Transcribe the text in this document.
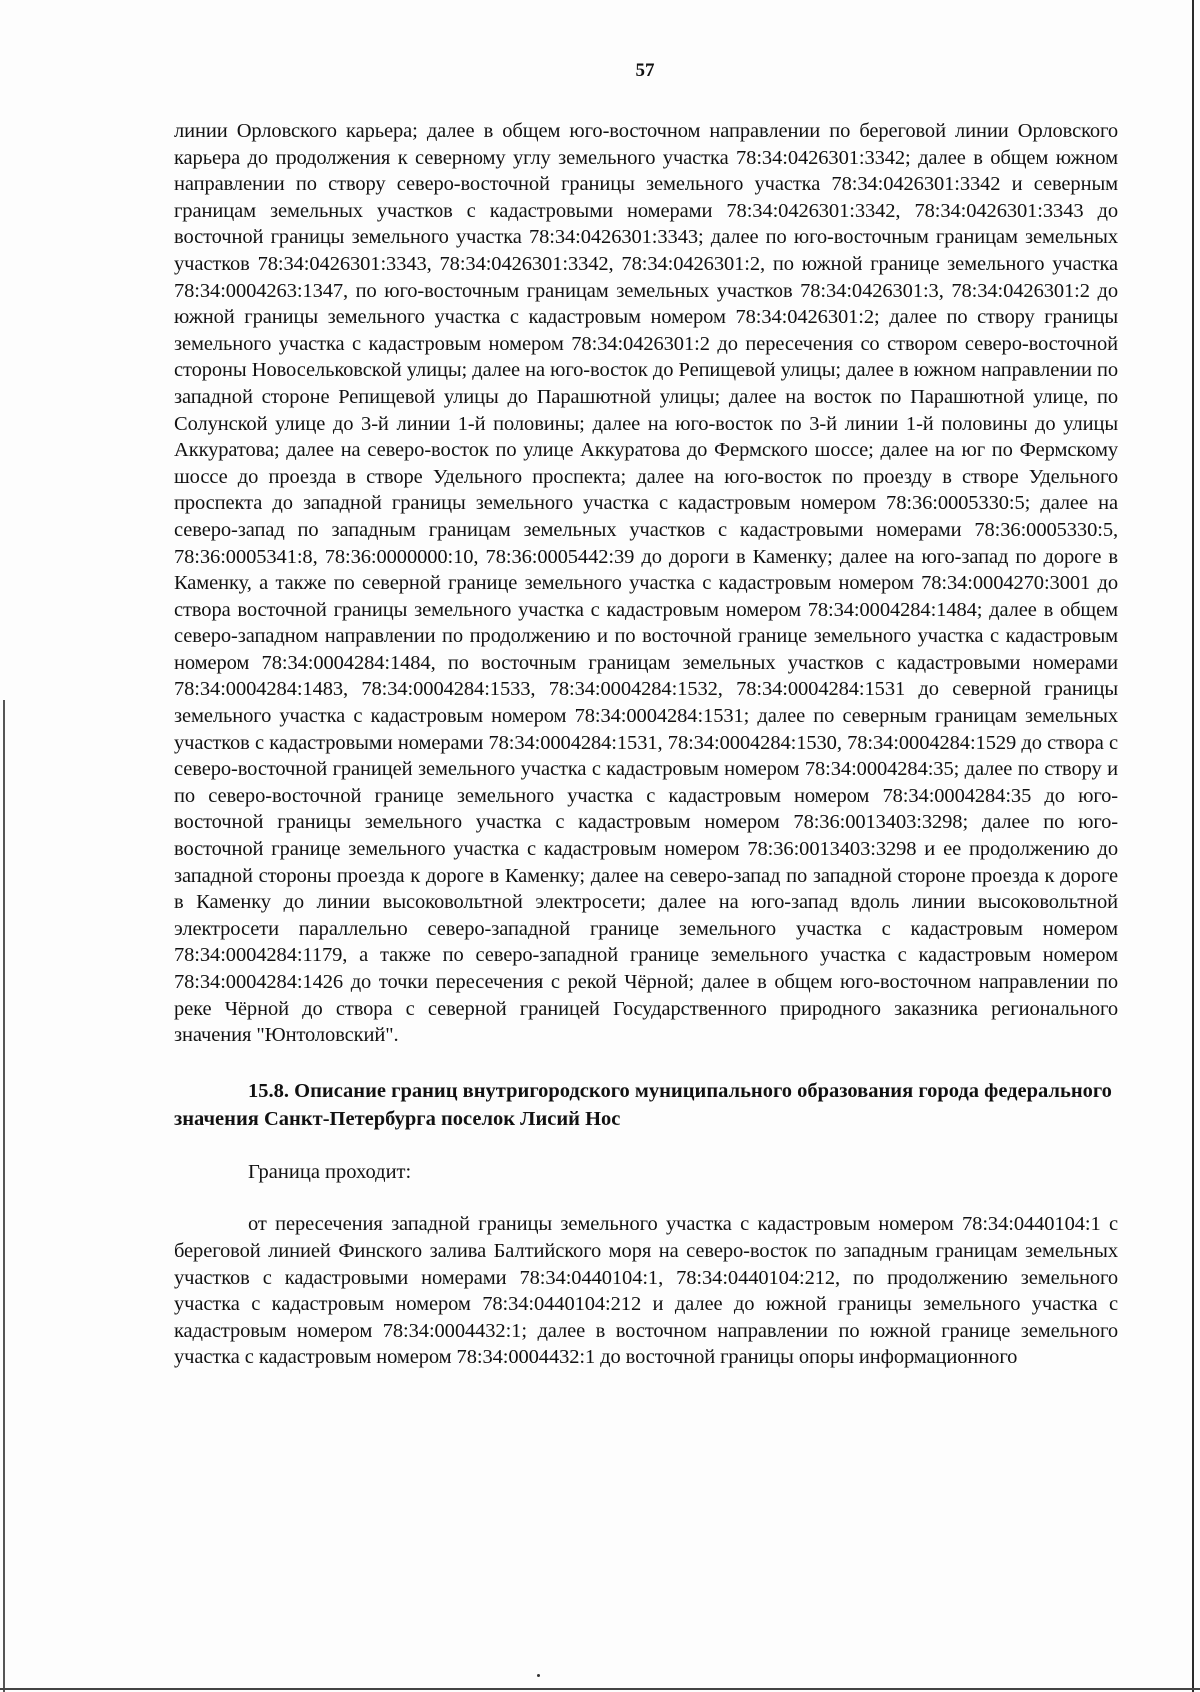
57

линии Орловского карьера; далее в общем юго-восточном направлении по береговой линии Орловского карьера до продолжения к северному углу земельного участка 78:34:0426301:3342; далее в общем южном направлении по створу северо-восточной границы земельного участка 78:34:0426301:3342 и северным границам земельных участков с кадастровыми номерами 78:34:0426301:3342, 78:34:0426301:3343 до восточной границы земельного участка 78:34:0426301:3343; далее по юго-восточным границам земельных участков 78:34:0426301:3343, 78:34:0426301:3342, 78:34:0426301:2, по южной границе земельного участка 78:34:0004263:1347, по юго-восточным границам земельных участков 78:34:0426301:3, 78:34:0426301:2 до южной границы земельного участка с кадастровым номером 78:34:0426301:2; далее по створу границы земельного участка с кадастровым номером 78:34:0426301:2 до пересечения со створом северо-восточной стороны Новосельковской улицы; далее на юго-восток до Репищевой улицы; далее в южном направлении по западной стороне Репищевой улицы до Парашютной улицы; далее на восток по Парашютной улице, по Солунской улице до 3-й линии 1-й половины; далее на юго-восток по 3-й линии 1-й половины до улицы Аккуратова; далее на северо-восток по улице Аккуратова до Фермского шоссе; далее на юг по Фермскому шоссе до проезда в створе Удельного проспекта; далее на юго-восток по проезду в створе Удельного проспекта до западной границы земельного участка с кадастровым номером 78:36:0005330:5; далее на северо-запад по западным границам земельных участков с кадастровыми номерами 78:36:0005330:5, 78:36:0005341:8, 78:36:0000000:10, 78:36:0005442:39 до дороги в Каменку; далее на юго-запад по дороге в Каменку, а также по северной границе земельного участка с кадастровым номером 78:34:0004270:3001 до створа восточной границы земельного участка с кадастровым номером 78:34:0004284:1484; далее в общем северо-западном направлении по продолжению и по восточной границе земельного участка с кадастровым номером 78:34:0004284:1484, по восточным границам земельных участков с кадастровыми номерами 78:34:0004284:1483, 78:34:0004284:1533, 78:34:0004284:1532, 78:34:0004284:1531 до северной границы земельного участка с кадастровым номером 78:34:0004284:1531; далее по северным границам земельных участков с кадастровыми номерами 78:34:0004284:1531, 78:34:0004284:1530, 78:34:0004284:1529 до створа с северо-восточной границей земельного участка с кадастровым номером 78:34:0004284:35; далее по створу и по северо-восточной границе земельного участка с кадастровым номером 78:34:0004284:35 до юго-восточной границы земельного участка с кадастровым номером 78:36:0013403:3298; далее по юго-восточной границе земельного участка с кадастровым номером 78:36:0013403:3298 и ее продолжению до западной стороны проезда к дороге в Каменку; далее на северо-запад по западной стороне проезда к дороге в Каменку до линии высоковольтной электросети; далее на юго-запад вдоль линии высоковольтной электросети параллельно северо-западной границе земельного участка с кадастровым номером 78:34:0004284:1179, а также по северо-западной границе земельного участка с кадастровым номером 78:34:0004284:1426 до точки пересечения с рекой Чёрной; далее в общем юго-восточном направлении по реке Чёрной до створа с северной границей Государственного природного заказника регионального значения "Юнтоловский".

15.8. Описание границ внутригородского муниципального образования города федерального значения Санкт-Петербурга поселок Лисий Нос

Граница проходит:

от пересечения западной границы земельного участка с кадастровым номером 78:34:0440104:1 с береговой линией Финского залива Балтийского моря на северо-восток по западным границам земельных участков с кадастровыми номерами 78:34:0440104:1, 78:34:0440104:212, по продолжению земельного участка с кадастровым номером 78:34:0440104:212 и далее до южной границы земельного участка с кадастровым номером 78:34:0004432:1; далее в восточном направлении по южной границе земельного участка с кадастровым номером 78:34:0004432:1 до восточной границы опоры информационного
